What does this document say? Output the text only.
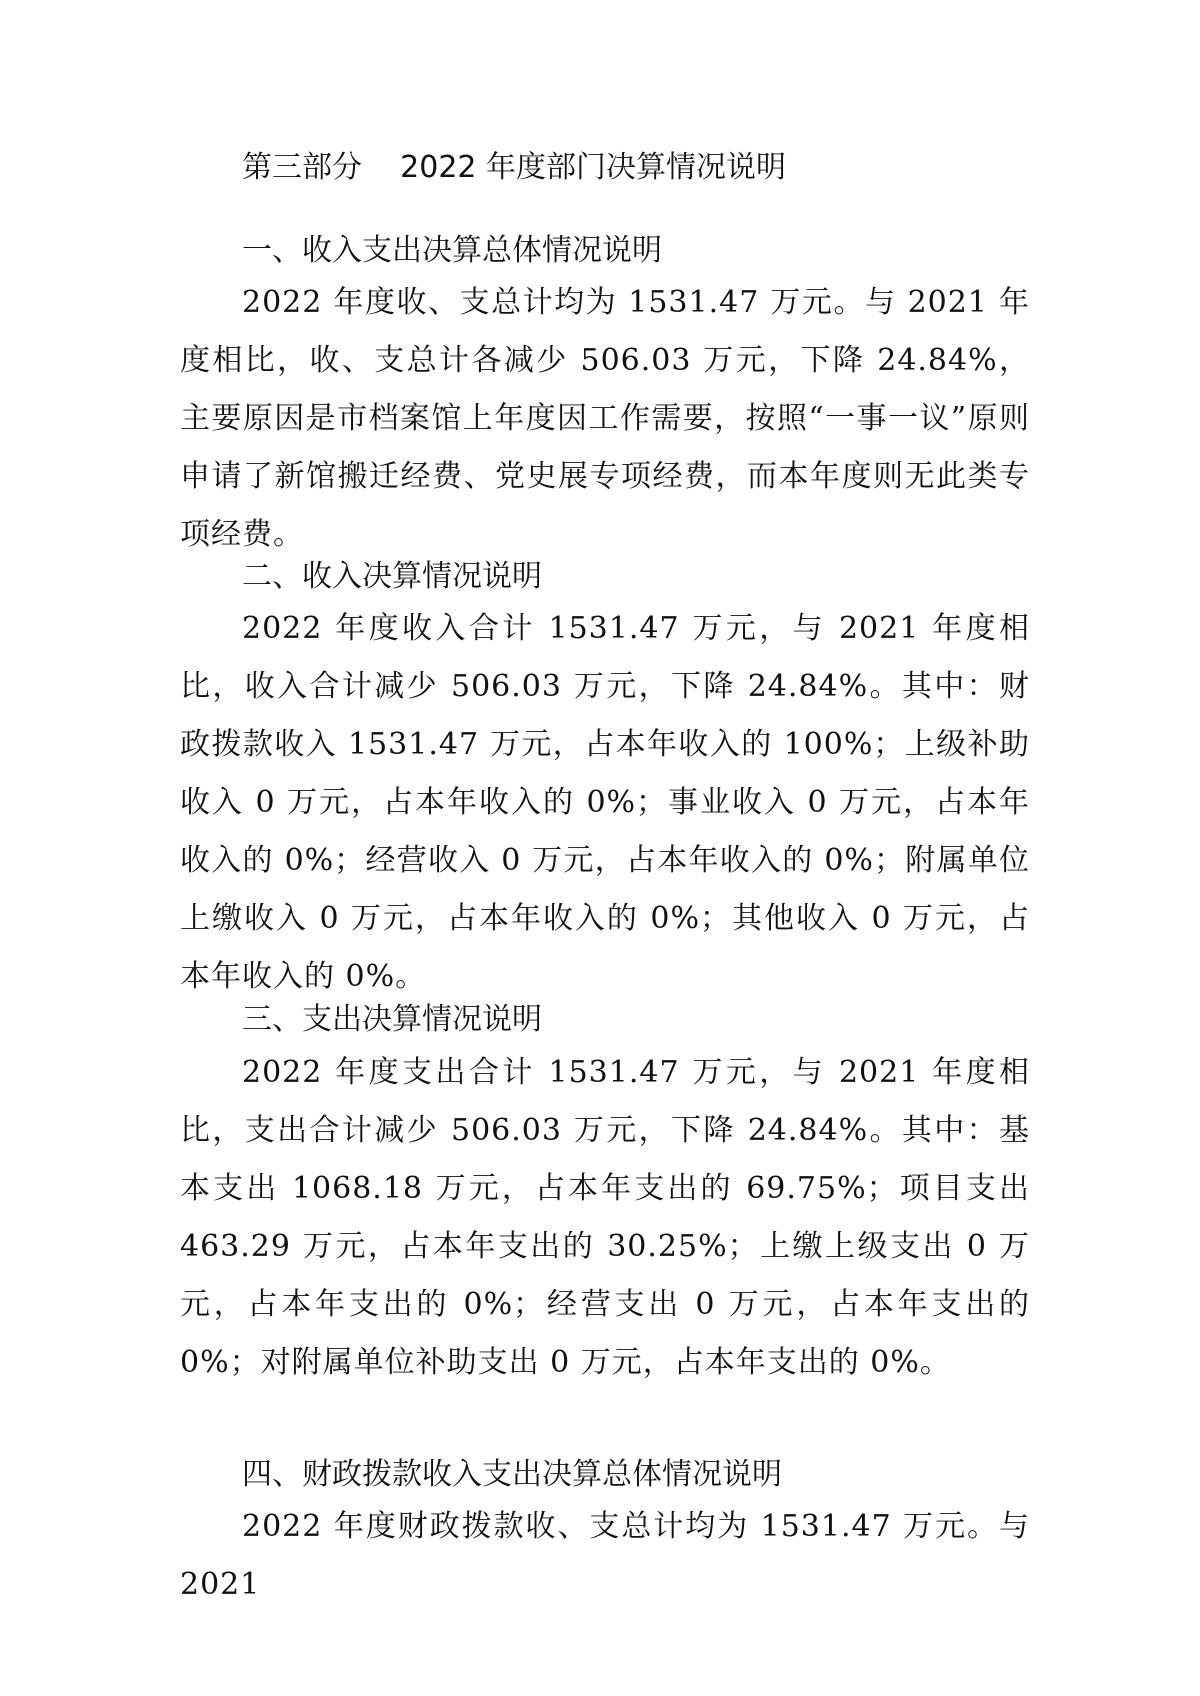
第三部分    2022 年度部门决算情况说明
一、收入支出决算总体情况说明
2022 年度收、支总计均为 1531.47 万元。与 2021 年度相比，收、支总计各减少 506.03 万元，下降 24.84%，主要原因是市档案馆上年度因工作需要，按照“一事一议”原则申请了新馆搬迁经费、党史展专项经费，而本年度则无此类专项经费。
二、收入决算情况说明
2022 年度收入合计 1531.47 万元，与 2021 年度相比，收入合计减少 506.03 万元，下降 24.84%。其中：财政拨款收入 1531.47 万元，占本年收入的 100%；上级补助收入 0 万元，占本年收入的 0%；事业收入 0 万元，占本年收入的 0%；经营收入 0 万元，占本年收入的 0%；附属单位上缴收入 0 万元，占本年收入的 0%；其他收入 0 万元，占本年收入的 0%。
三、支出决算情况说明
2022 年度支出合计 1531.47 万元，与 2021 年度相比，支出合计减少 506.03 万元，下降 24.84%。其中：基本支出 1068.18 万元，占本年支出的 69.75%；项目支出 463.29 万元，占本年支出的 30.25%；上缴上级支出 0 万元，占本年支出的 0%；经营支出 0 万元，占本年支出的 0%；对附属单位补助支出 0 万元，占本年支出的 0%。
四、财政拨款收入支出决算总体情况说明
2022 年度财政拨款收、支总计均为 1531.47 万元。与 2021
